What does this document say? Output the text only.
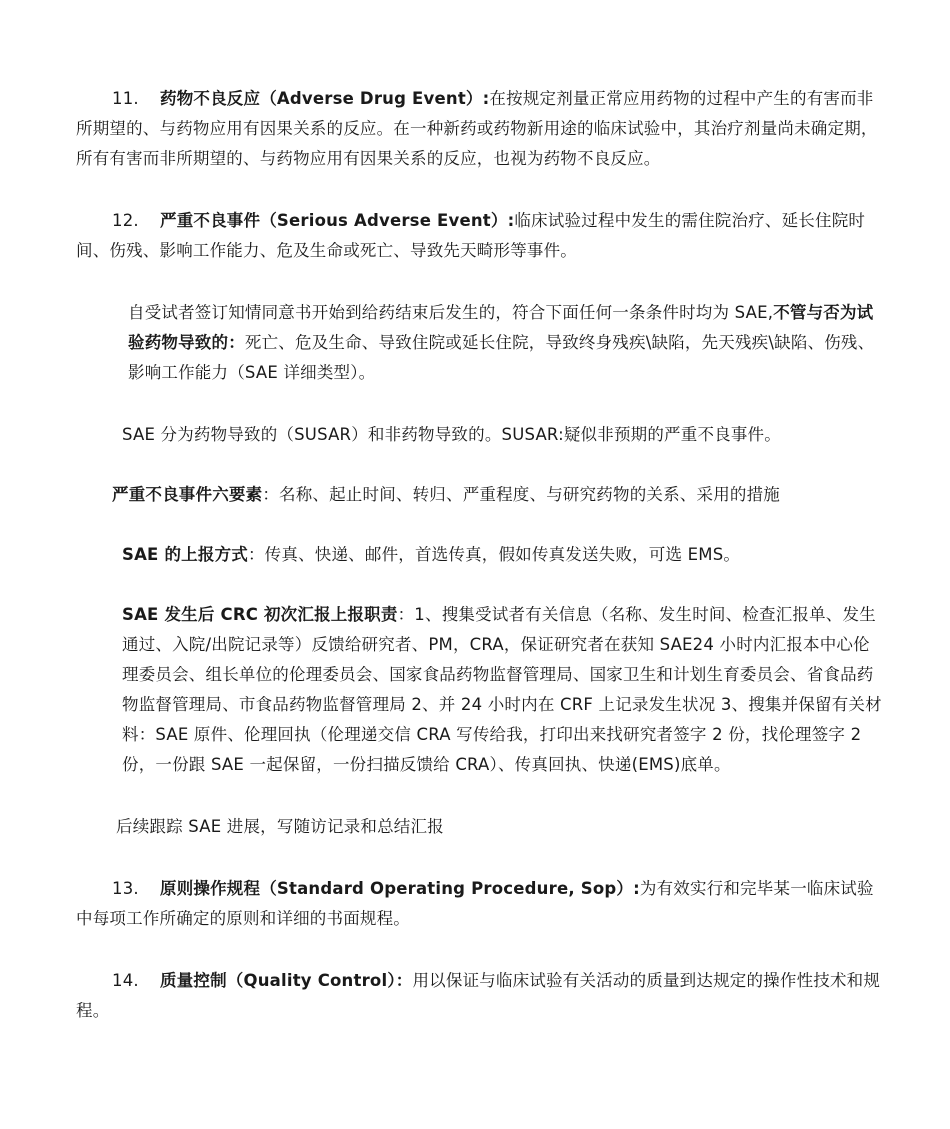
11. 药物不良反应（Adverse Drug Event）:在按规定剂量正常应用药物的过程中产生的有害而非所期望的、与药物应用有因果关系的反应。在一种新药或药物新用途的临床试验中，其治疗剂量尚未确定期，所有有害而非所期望的、与药物应用有因果关系的反应，也视为药物不良反应。

12. 严重不良事件（Serious Adverse Event）:临床试验过程中发生的需住院治疗、延长住院时间、伤残、影响工作能力、危及生命或死亡、导致先天畸形等事件。

自受试者签订知情同意书开始到给药结束后发生的，符合下面任何一条条件时均为 SAE,不管与否为试验药物导致的：死亡、危及生命、导致住院或延长住院，导致终身残疾\缺陷，先天残疾\缺陷、伤残、影响工作能力（SAE 详细类型）。

SAE 分为药物导致的（SUSAR）和非药物导致的。SUSAR:疑似非预期的严重不良事件。

严重不良事件六要素：名称、起止时间、转归、严重程度、与研究药物的关系、采用的措施

SAE 的上报方式：传真、快递、邮件，首选传真，假如传真发送失败，可选 EMS。

SAE 发生后 CRC 初次汇报上报职责：1、搜集受试者有关信息（名称、发生时间、检查汇报单、发生通过、入院/出院记录等）反馈给研究者、PM，CRA，保证研究者在获知 SAE24 小时内汇报本中心伦理委员会、组长单位的伦理委员会、国家食品药物监督管理局、国家卫生和计划生育委员会、省食品药物监督管理局、市食品药物监督管理局 2、并 24 小时内在 CRF 上记录发生状况 3、搜集并保留有关材料：SAE 原件、伦理回执（伦理递交信 CRA 写传给我，打印出来找研究者签字 2 份，找伦理签字 2 份，一份跟 SAE 一起保留，一份扫描反馈给 CRA）、传真回执、快递(EMS)底单。

后续跟踪 SAE 进展，写随访记录和总结汇报

13. 原则操作规程（Standard Operating Procedure, Sop）:为有效实行和完毕某一临床试验中每项工作所确定的原则和详细的书面规程。

14. 质量控制（Quality Control）：用以保证与临床试验有关活动的质量到达规定的操作性技术和规程。
